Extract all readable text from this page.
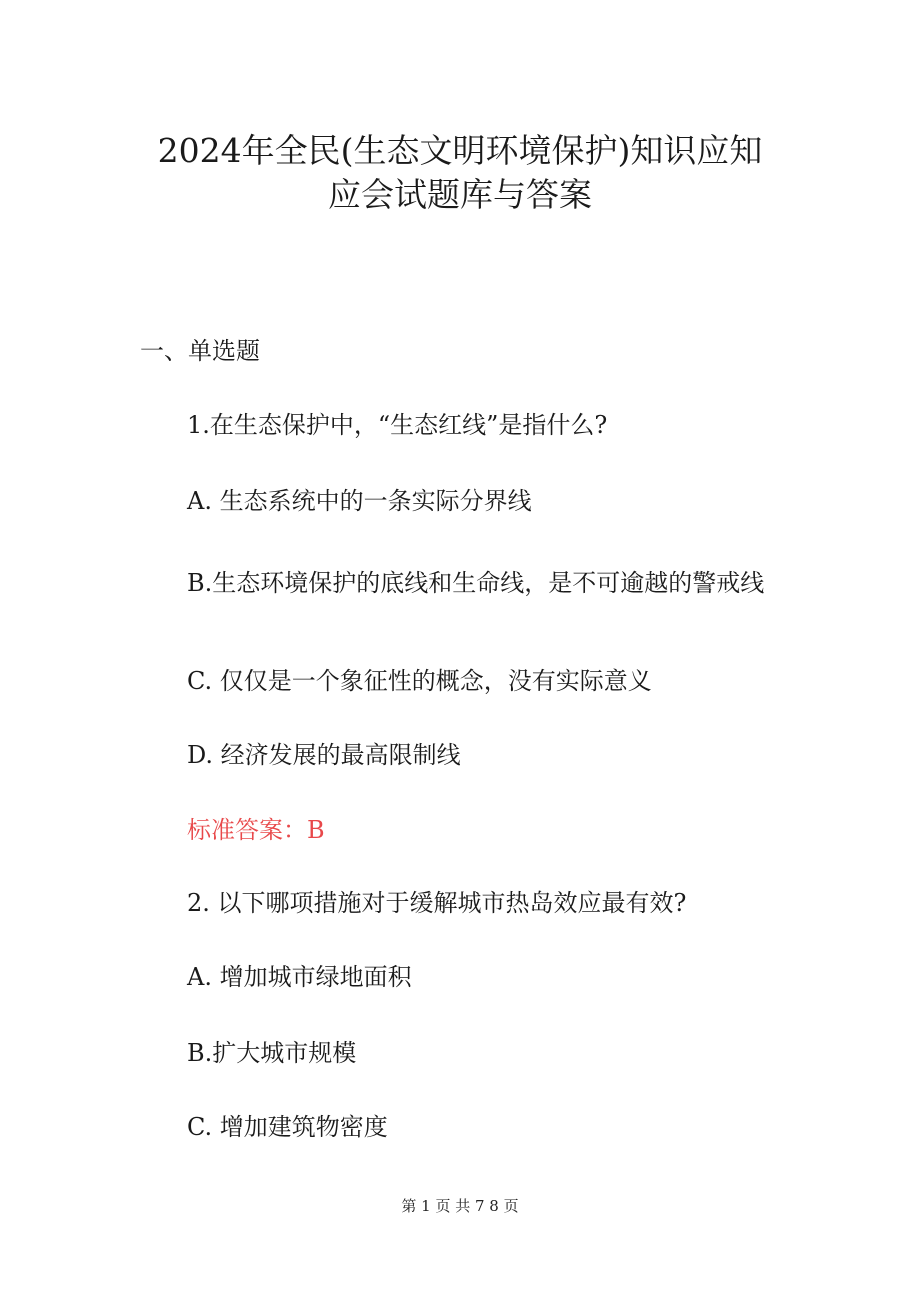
2024年全民(生态文明环境保护)知识应知
应会试题库与答案
一、单选题
1.在生态保护中，“生态红线”是指什么?
A. 生态系统中的一条实际分界线
B.生态环境保护的底线和生命线，是不可逾越的警戒线
C. 仅仅是一个象征性的概念，没有实际意义
D. 经济发展的最高限制线
标准答案：B
2. 以下哪项措施对于缓解城市热岛效应最有效?
A. 增加城市绿地面积
B.扩大城市规模
C. 增加建筑物密度
第 1 页 共 7 8 页
